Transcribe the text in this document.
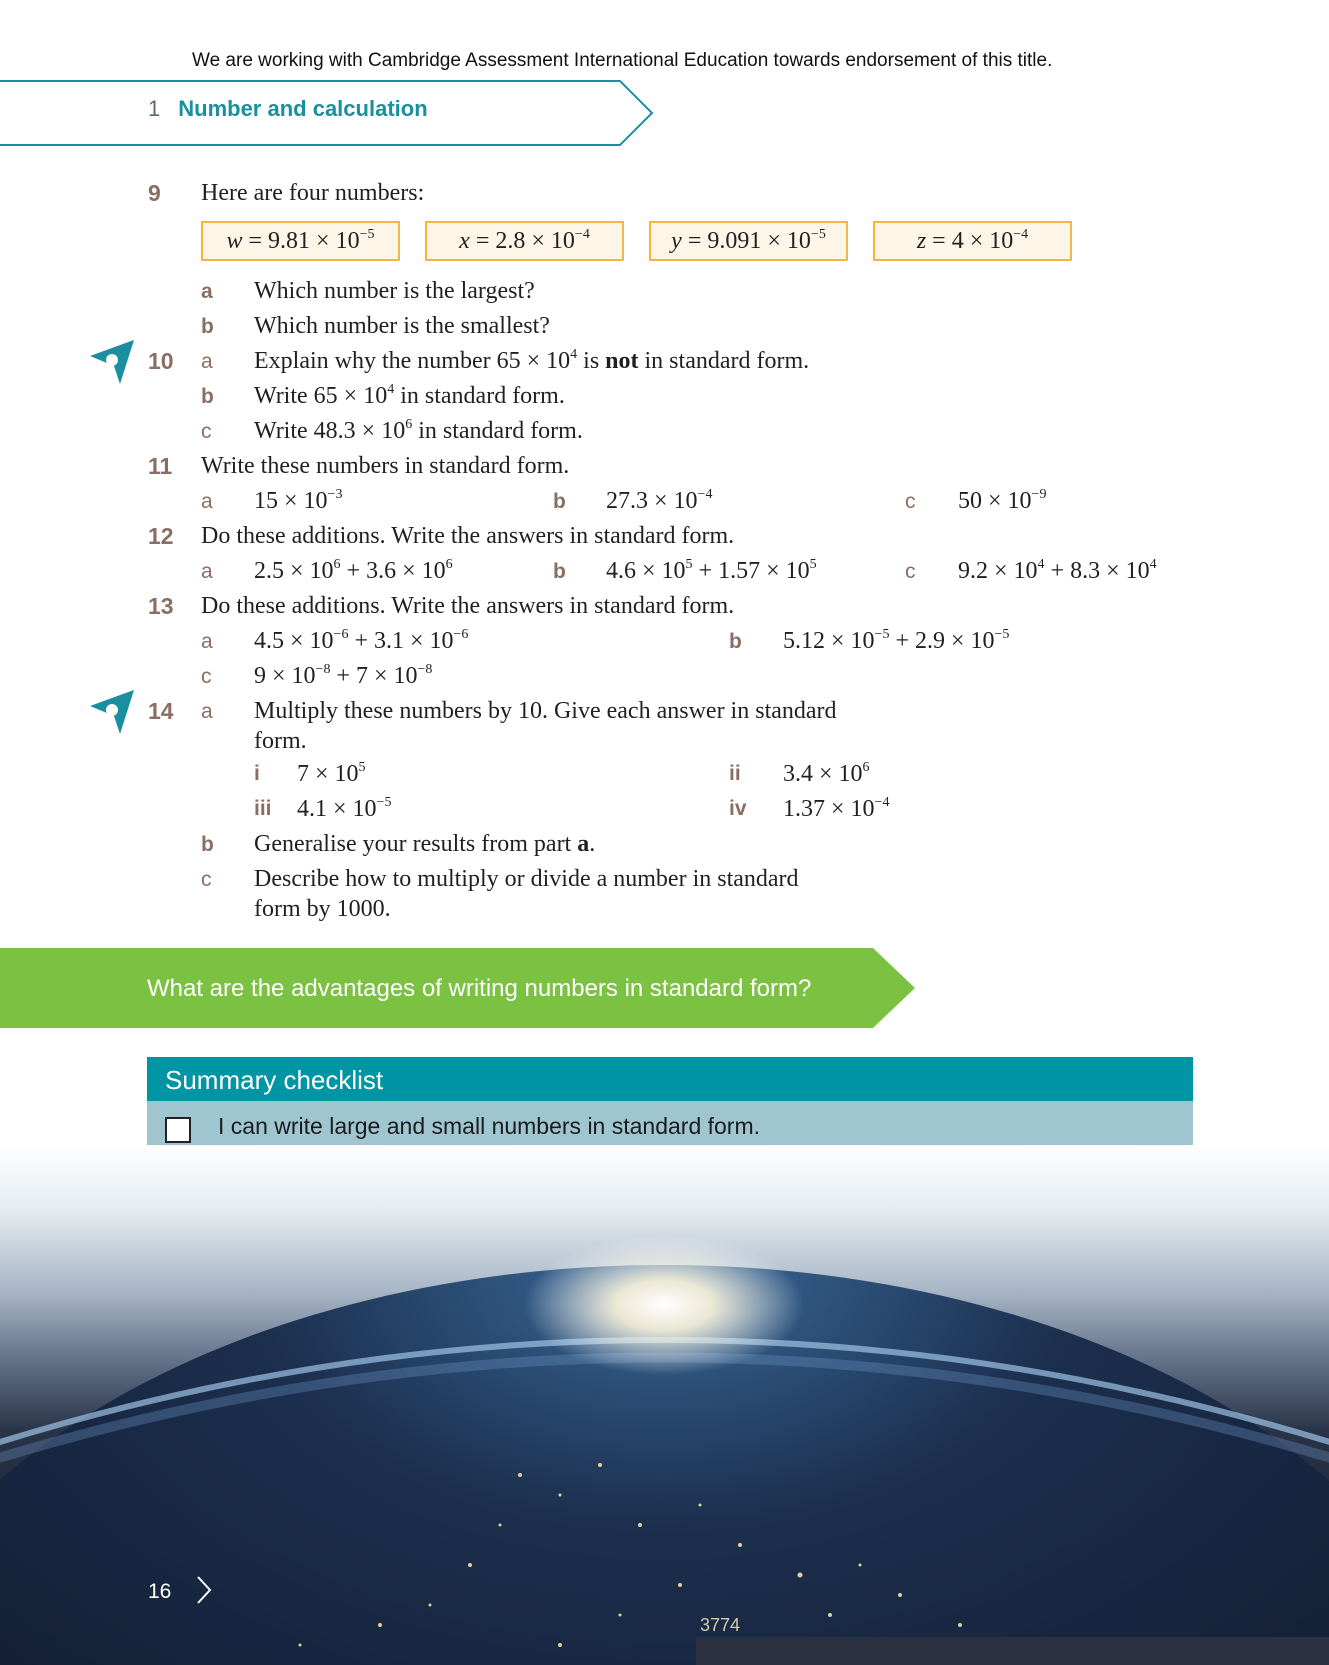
We are working with Cambridge Assessment International Education towards endorsement of this title.
1 Number and calculation
9 Here are four numbers:
$w = 9.81 \times 10^{-5}$	$x = 2.8 \times 10^{-4}$	$y = 9.091 \times 10^{-5}$	$z = 4 \times 10^{-4}$
a Which number is the largest?
b Which number is the smallest?
10 a Explain why the number $65 \times 10^4$ is not in standard form.
b Write $65 \times 10^4$ in standard form.
c Write $48.3 \times 10^6$ in standard form.
11 Write these numbers in standard form.
a $15 \times 10^{-3}$	b $27.3 \times 10^{-4}$	c $50 \times 10^{-9}$
12 Do these additions. Write the answers in standard form.
a $2.5 \times 10^6 + 3.6 \times 10^6$	b $4.6 \times 10^5 + 1.57 \times 10^5$	c $9.2 \times 10^4 + 8.3 \times 10^4$
13 Do these additions. Write the answers in standard form.
a $4.5 \times 10^{-6} + 3.1 \times 10^{-6}$	b $5.12 \times 10^{-5} + 2.9 \times 10^{-5}$
c $9 \times 10^{-8} + 7 \times 10^{-8}$
14 a Multiply these numbers by 10. Give each answer in standard
form.
i $7 \times 10^5$	ii $3.4 \times 10^6$
iii $4.1 \times 10^{-5}$	iv $1.37 \times 10^{-4}$
b Generalise your results from part a.
c Describe how to multiply or divide a number in standard
form by 1000.
What are the advantages of writing numbers in standard form?
Summary checklist
I can write large and small numbers in standard form.
16
3774
